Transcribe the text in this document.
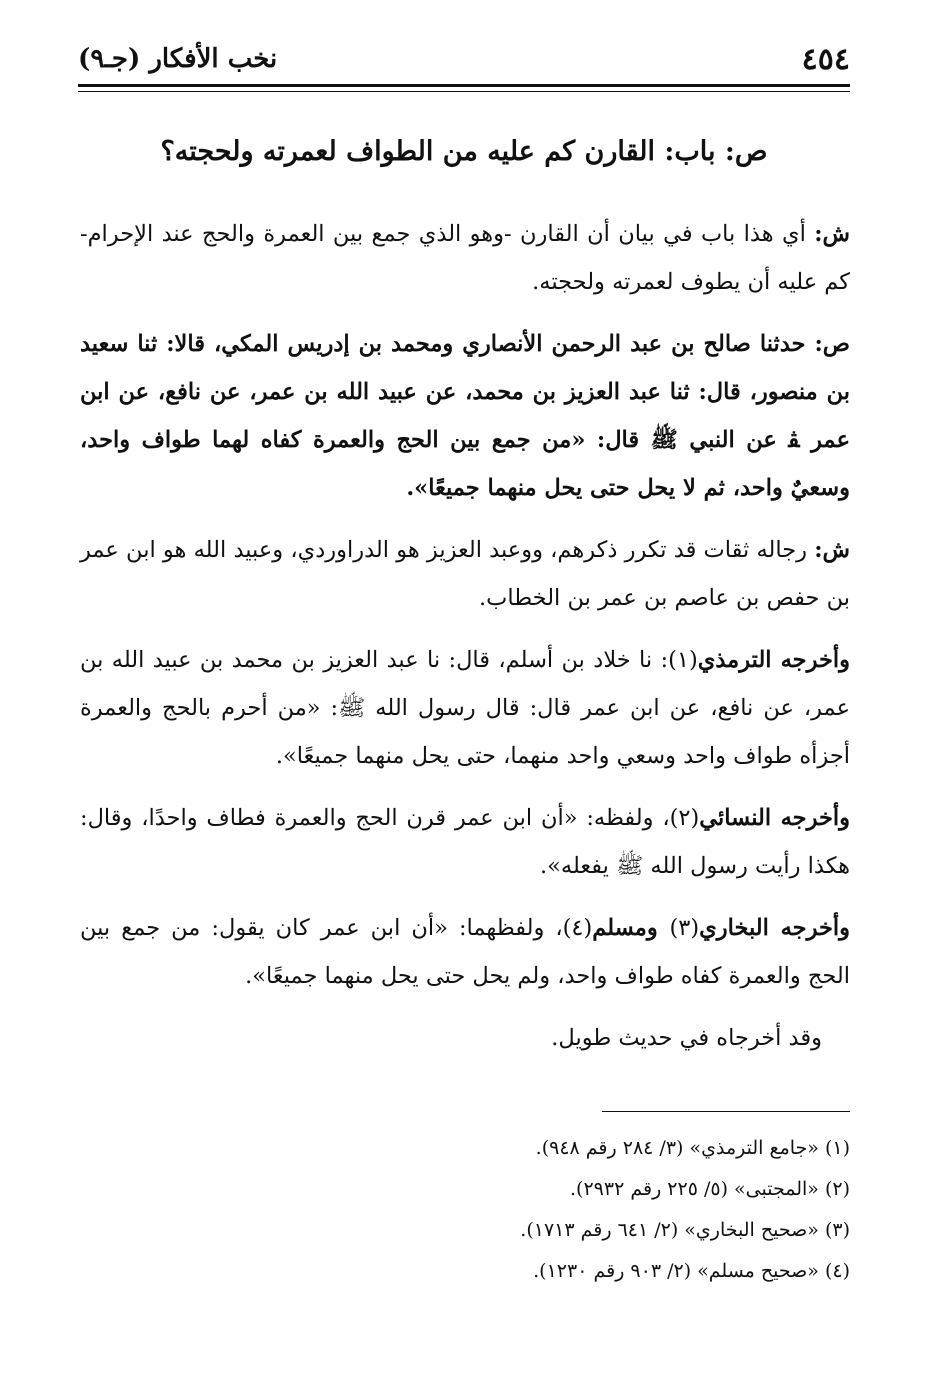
٤٥٤
نخب الأفكار (جـ٩)
ص: باب: القارن كم عليه من الطواف لعمرته ولحجته؟

ش: أي هذا باب في بيان أن القارن -وهو الذي جمع بين العمرة والحج عند الإحرام- كم عليه أن يطوف لعمرته ولحجته.

ص: حدثنا صالح بن عبد الرحمن الأنصاري ومحمد بن إدريس المكي، قالا: ثنا سعيد بن منصور، قال: ثنا عبد العزيز بن محمد، عن عبيد الله بن عمر، عن نافع، عن ابن عمر ﭭ عن النبي ﷺ قال: «من جمع بين الحج والعمرة كفاه لهما طواف واحد، وسعيٌ واحد، ثم لا يحل حتى يحل منهما جميعًا».

ش: رجاله ثقات قد تكرر ذكرهم، ووعبد العزيز هو الدراوردي، وعبيد الله هو ابن عمر بن حفص بن عاصم بن عمر بن الخطاب.

وأخرجه الترمذي(١): نا خلاد بن أسلم، قال: نا عبد العزيز بن محمد بن عبيد الله بن عمر، عن نافع، عن ابن عمر قال: قال رسول الله ﷺ: «من أحرم بالحج والعمرة أجزأه طواف واحد وسعي واحد منهما، حتى يحل منهما جميعًا».

وأخرجه النسائي(٢)، ولفظه: «أن ابن عمر قرن الحج والعمرة فطاف واحدًا، وقال: هكذا رأيت رسول الله ﷺ يفعله».

وأخرجه البخاري(٣) ومسلم(٤)، ولفظهما: «أن ابن عمر كان يقول: من جمع بين الحج والعمرة كفاه طواف واحد، ولم يحل حتى يحل منهما جميعًا».

وقد أخرجاه في حديث طويل.

(١) «جامع الترمذي» (٣/ ٢٨٤ رقم ٩٤٨).

(٢) «المجتبى» (٥/ ٢٢٥ رقم ٢٩٣٢).

(٣) «صحيح البخاري» (٢/ ٦٤١ رقم ١٧١٣).

(٤) «صحيح مسلم» (٢/ ٩٠٣ رقم ١٢٣٠).
